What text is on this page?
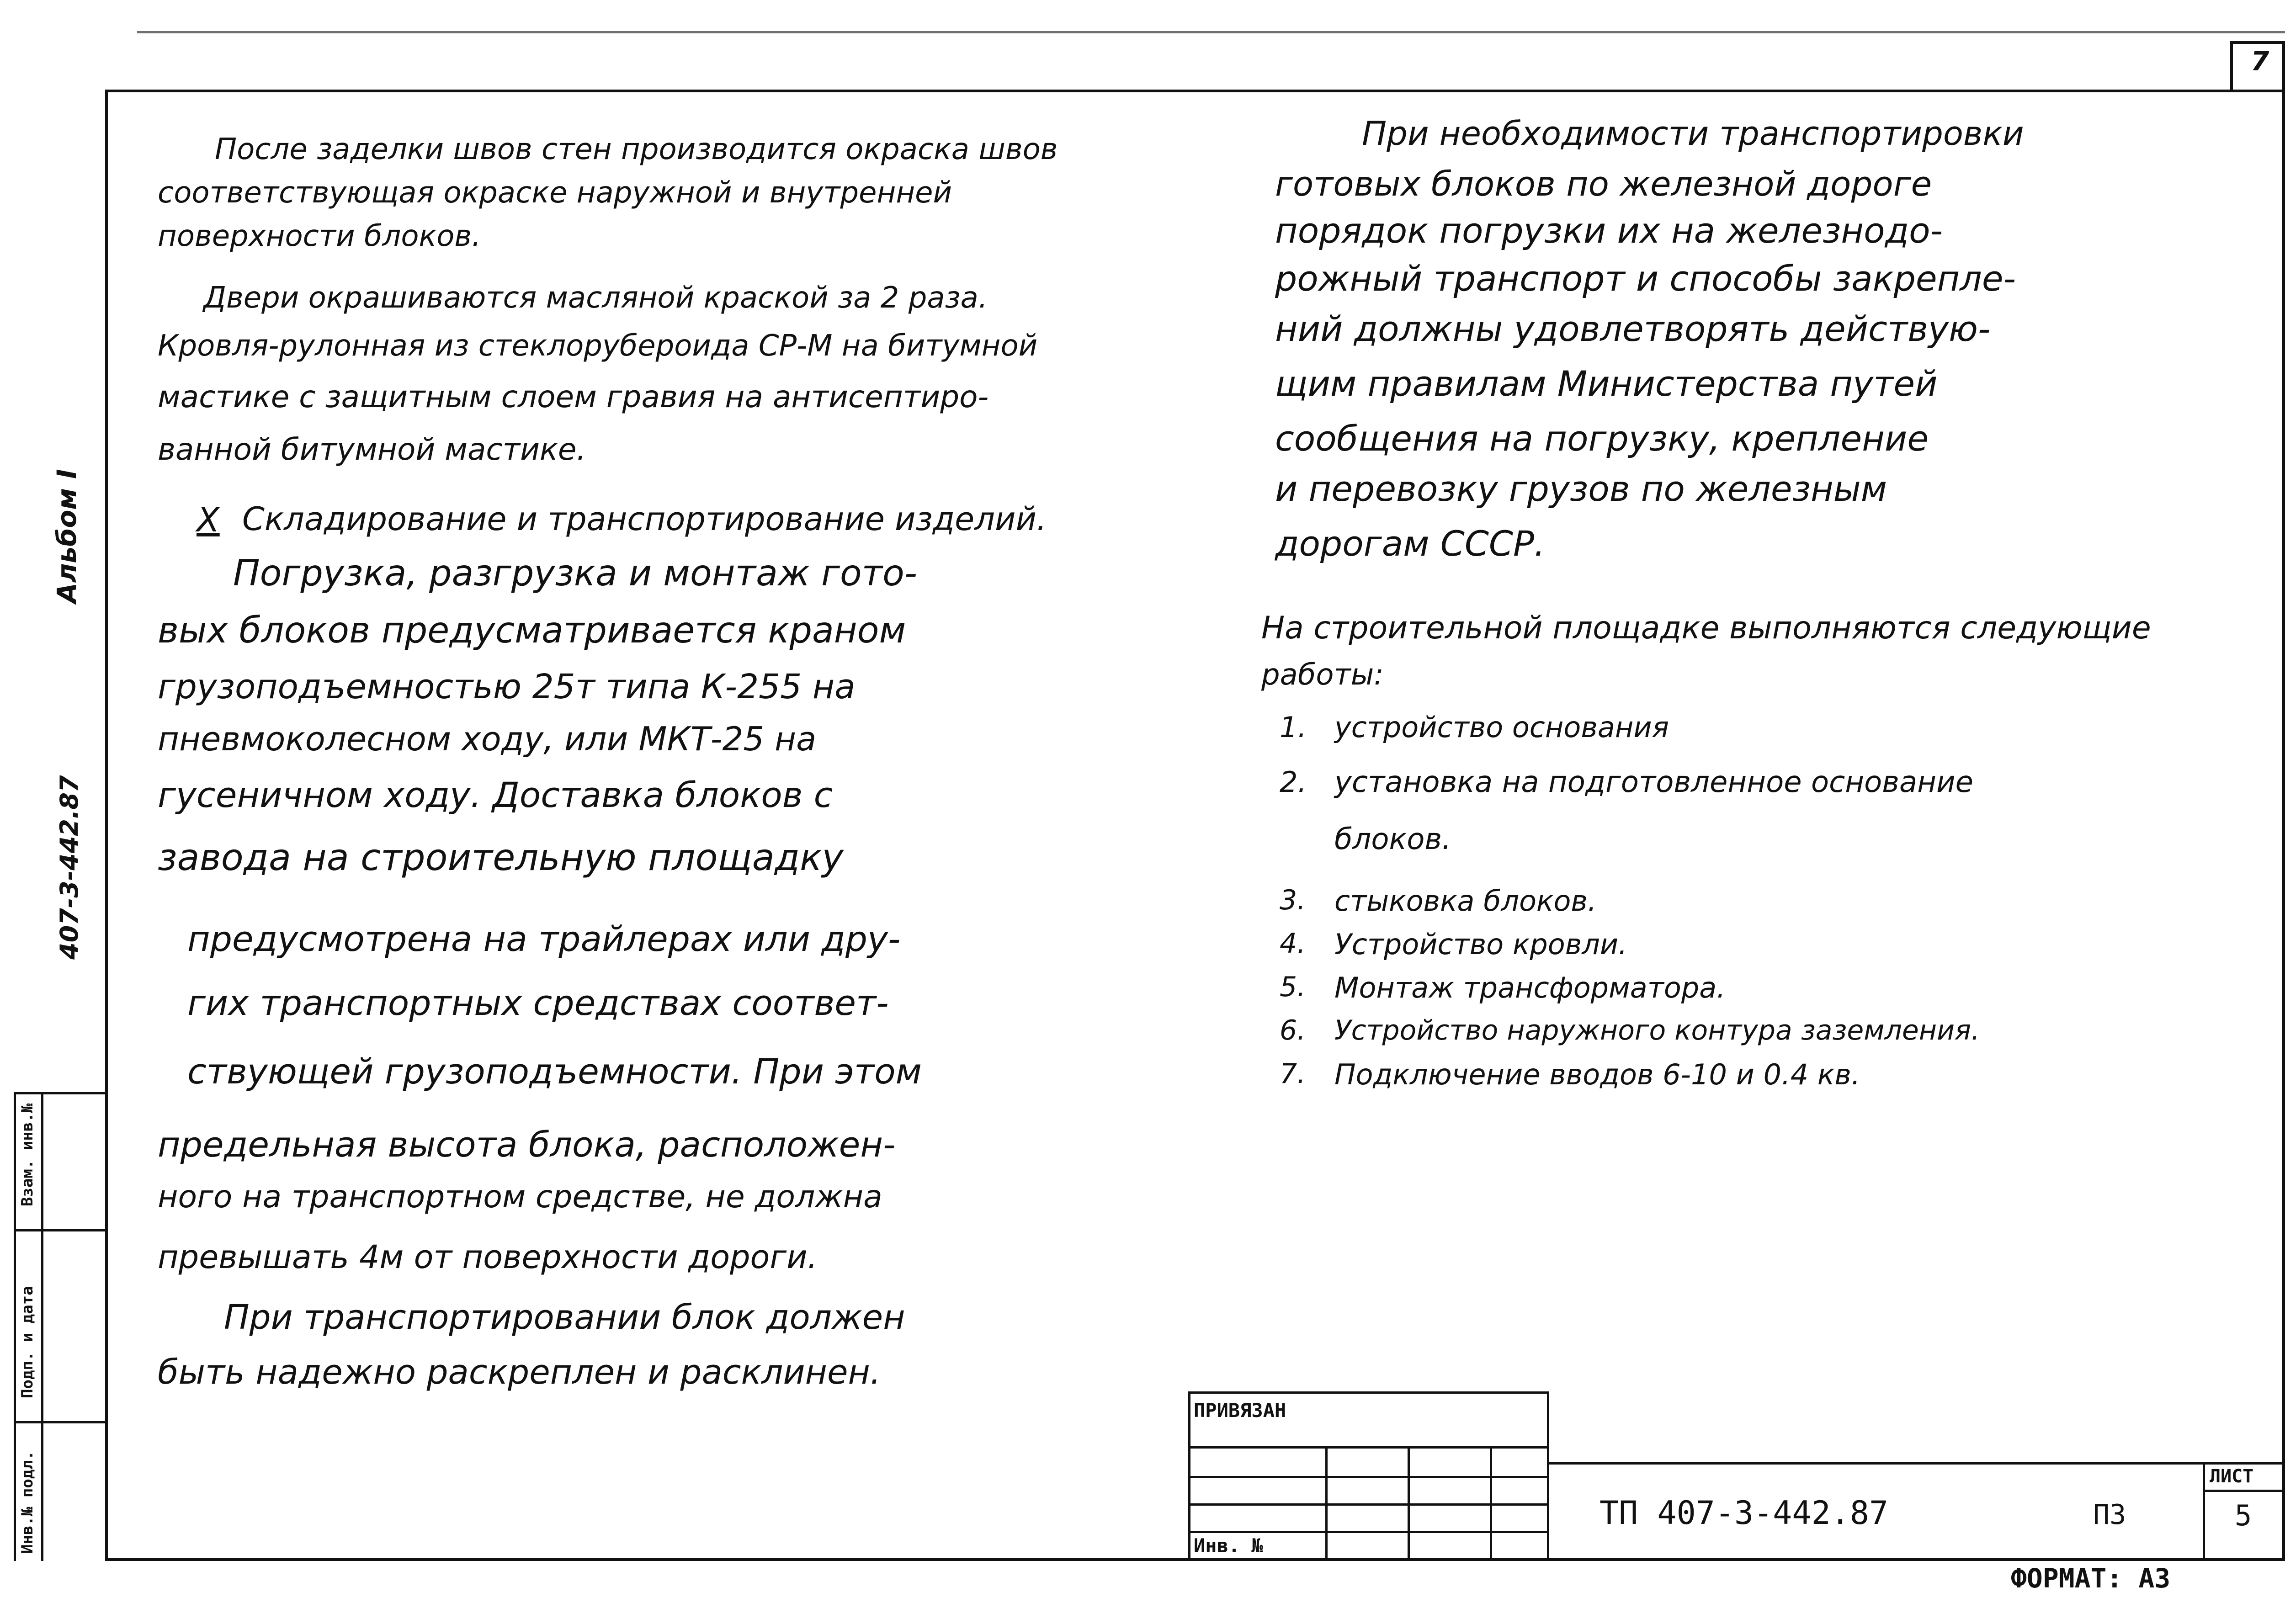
7
Альбом I
407-3-442.87
Взам. инв.№
Подп. и дата
Инв.№ подл.
После заделки швов стен производится окраска швов
соответствующая окраске наружной и внутренней
поверхности блоков.
Двери окрашиваются масляной краской за 2 раза.
Кровля-рулонная из стеклорубероида СР-М на битумной
мастике с защитным слоем гравия на антисептиро-
ванной битумной мастике.
X Складирование и транспортирование изделий.
Погрузка, разгрузка и монтаж гото-
вых блоков предусматривается краном
грузоподъемностью 25т типа К-255 на
пневмоколесном ходу, или МКТ-25 на
гусеничном ходу. Доставка блоков с
завода на строительную площадку
предусмотрена на трайлерах или дру-
гих транспортных средствах соответ-
ствующей грузоподъемности. При этом
предельная высота блока, расположен-
ного на транспортном средстве, не должна
превышать 4м от поверхности дороги.
При транспортировании блок должен
быть надежно раскреплен и расклинен.
При необходимости транспортировки
готовых блоков по железной дороге
порядок погрузки их на железнодо-
рожный транспорт и способы закрепле-
ний должны удовлетворять действую-
щим правилам Министерства путей
сообщения на погрузку, крепление
и перевозку грузов по железным
дорогам СССР.
На строительной площадке выполняются следующие
работы:
1. устройство основания
2. установка на подготовленное основание
блоков.
3. стыковка блоков.
4. Устройство кровли.
5. Монтаж трансформатора.
6. Устройство наружного контура заземления.
7. Подключение вводов 6-10 и 0.4 кв.
ПРИВЯЗАН
Инв. №
ТП 407-3-442.87	ПЗ
ЛИСТ
5
ФОРМАТ: А3
